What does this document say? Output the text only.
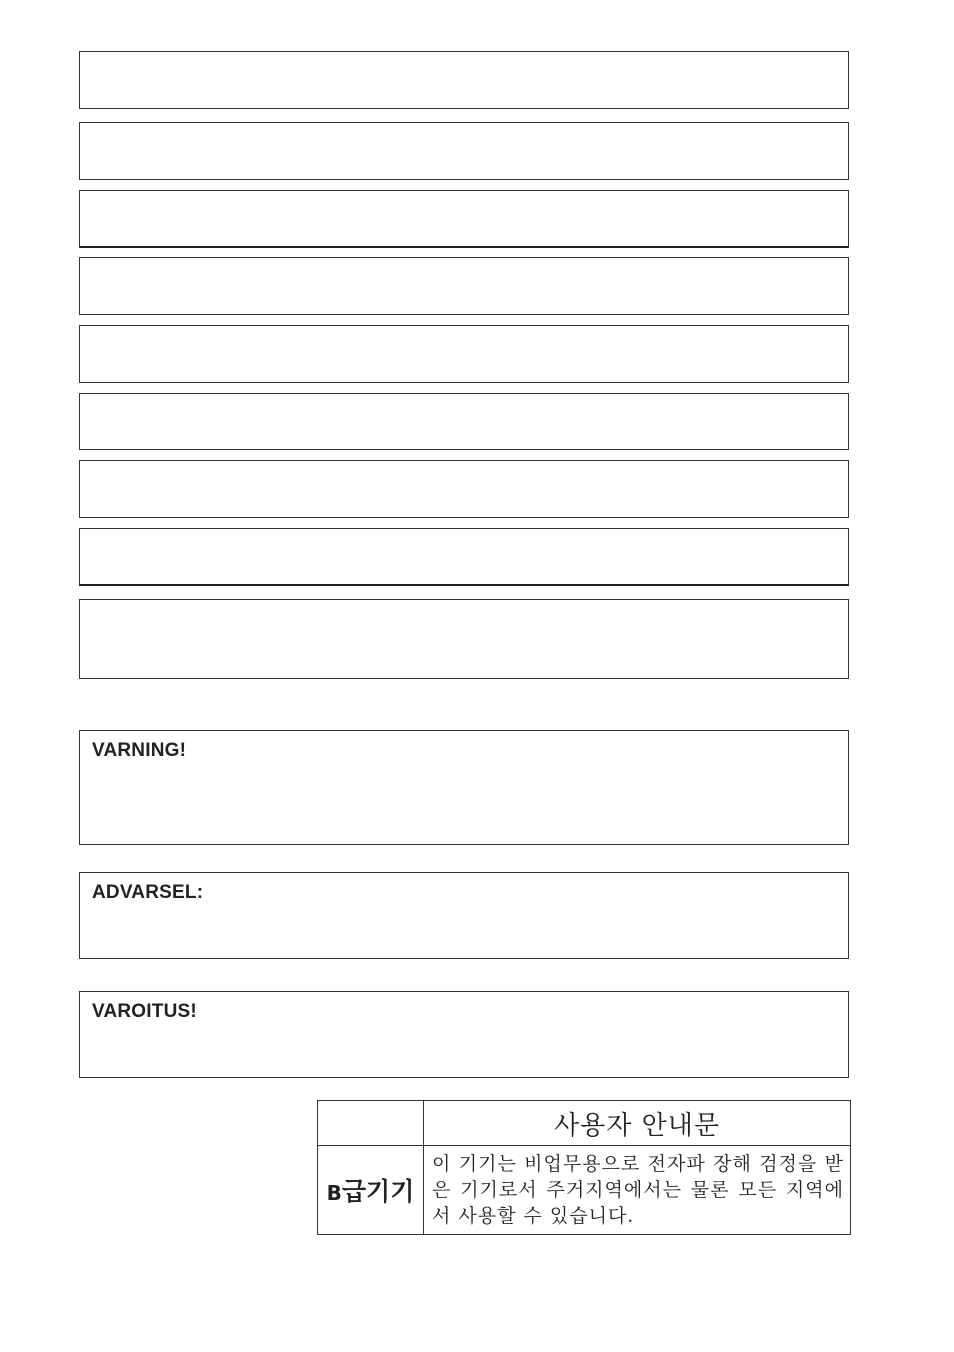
VARNING!
ADVARSEL:
VAROITUS!
	사용자 안내문
B급기기	이 기기는 비업무용으로 전자파 장해 검정을 받은 기기로서 주거지역에서는 물론 모든 지역에서 사용할 수 있습니다.
